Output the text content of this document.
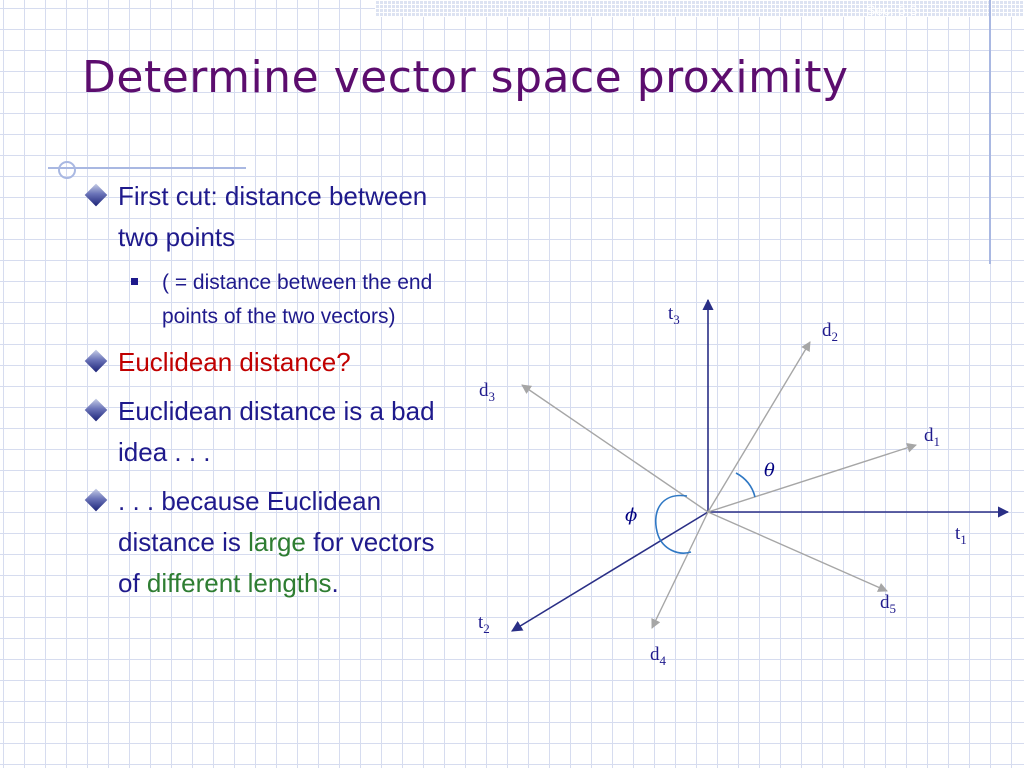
Sec. 6.3
Determine vector space proximity
First cut: distance between two points
( = distance between the end points of the two vectors)
Euclidean distance?
Euclidean distance is a bad idea . . .
. . . because Euclidean distance is large for vectors of different lengths.
θ
ϕ
$t_1$
$t_2$
$t_3$
$d_1$
$d_2$
$d_3$
$d_4$
$d_5$
